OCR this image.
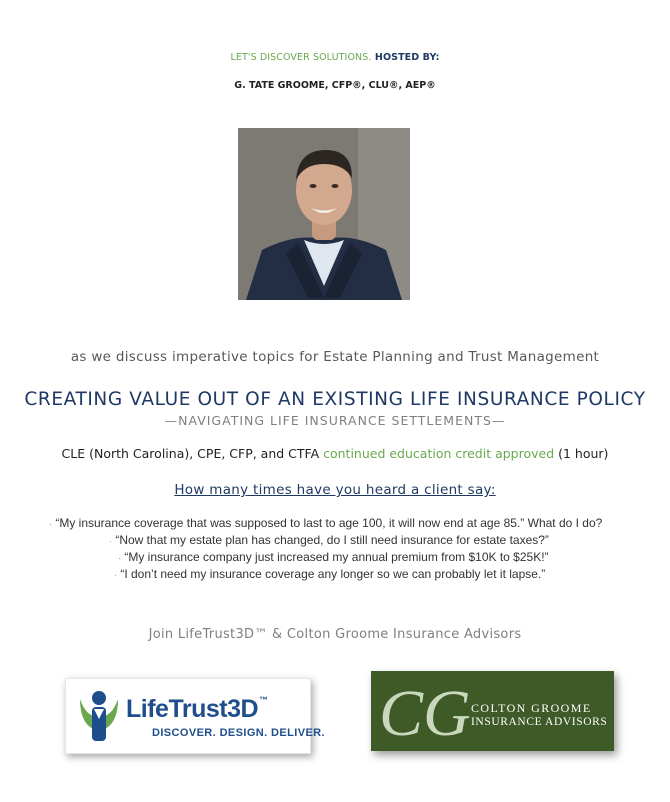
LET'S DISCOVER SOLUTIONS. HOSTED BY:
G. TATE GROOME, CFP®, CLU®, AEP®
as we discuss imperative topics for Estate Planning and Trust Management
CREATING VALUE OUT OF AN EXISTING LIFE INSURANCE POLICY
—NAVIGATING LIFE INSURANCE SETTLEMENTS—
CLE (North Carolina), CPE, CFP, and CTFA continued education credit approved (1 hour)
How many times have you heard a client say:
· “My insurance coverage that was supposed to last to age 100, it will now end at age 85.” What do I do?
· “Now that my estate plan has changed, do I still need insurance for estate taxes?”
· “My insurance company just increased my annual premium from $10K to $25K!”
· “I don’t need my insurance coverage any longer so we can probably let it lapse.”
Join LifeTrust3D™ & Colton Groome Insurance Advisors
LifeTrust3D™
DISCOVER. DESIGN. DELIVER. CG COLTON GROOME
INSURANCE ADVISORS
